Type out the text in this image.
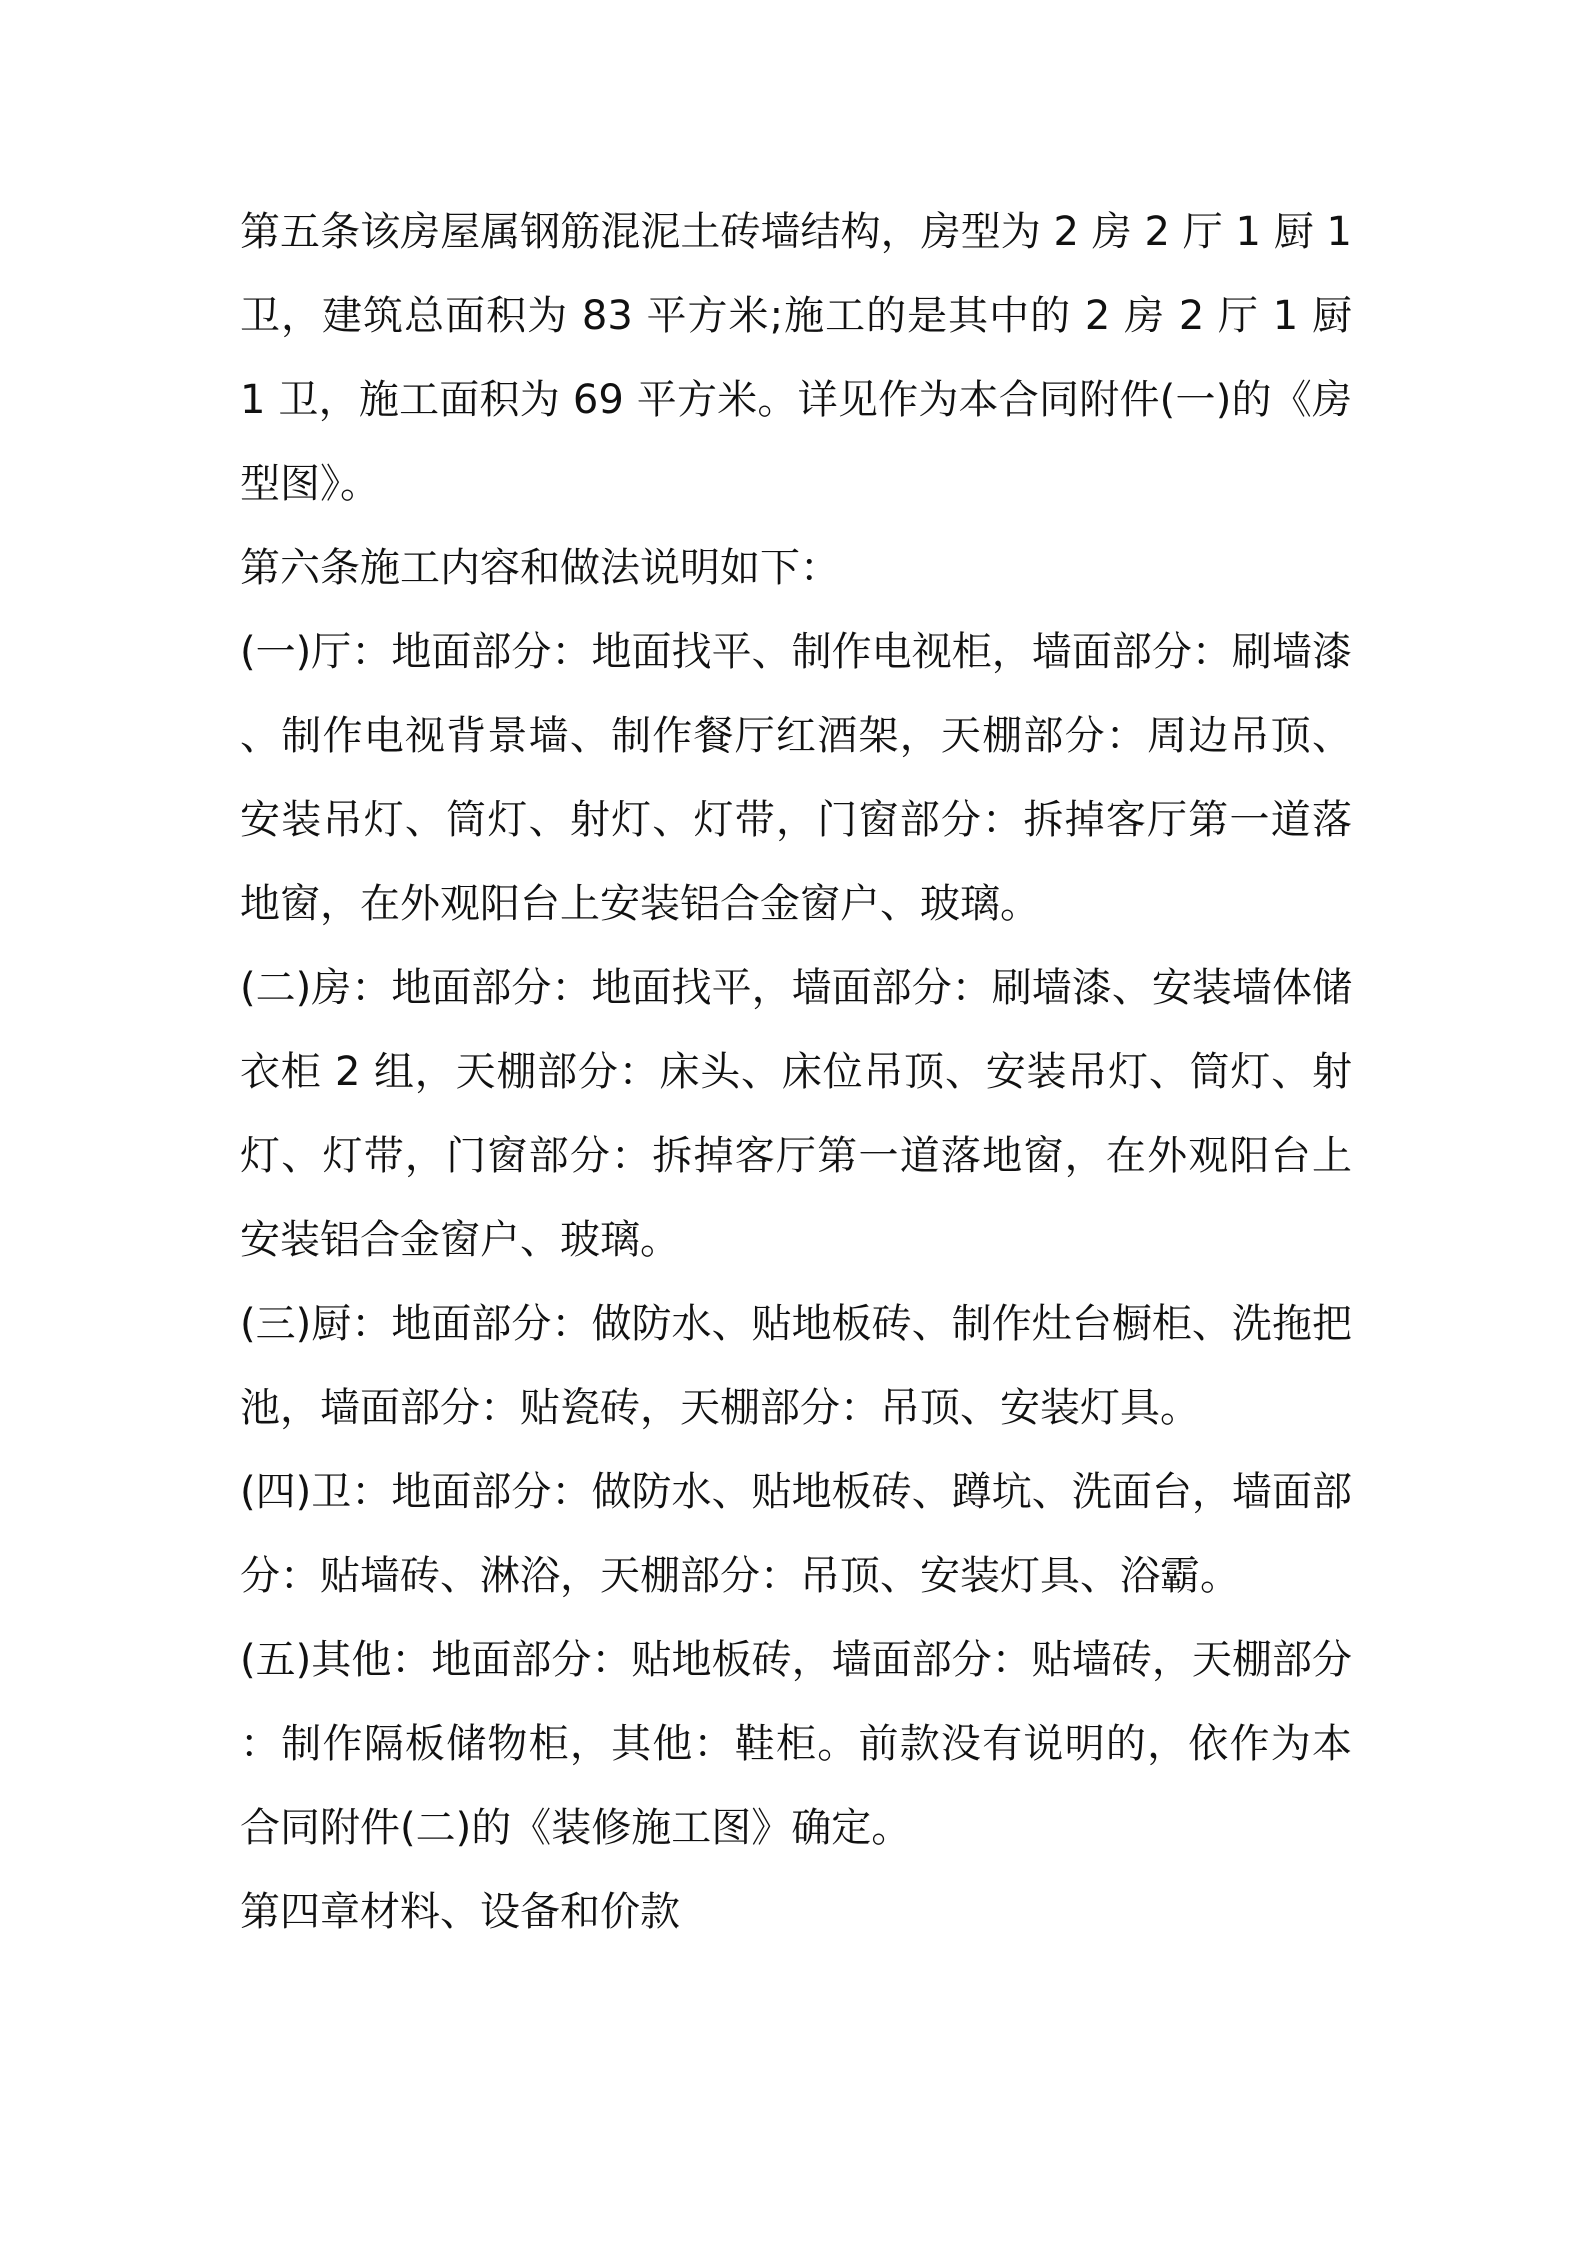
第五条该房屋属钢筋混泥土砖墙结构，房型为 2 房 2 厅 1 厨 1 卫，建筑总面积为 83 平方米;施工的是其中的 2 房 2 厅 1 厨 1 卫，施工面积为 69 平方米。详见作为本合同附件(一)的《房型图》。

第六条施工内容和做法说明如下：

(一)厅：地面部分：地面找平、制作电视柜，墙面部分：刷墙漆、制作电视背景墙、制作餐厅红酒架，天棚部分：周边吊顶、安装吊灯、筒灯、射灯、灯带，门窗部分：拆掉客厅第一道落地窗，在外观阳台上安装铝合金窗户、玻璃。

(二)房：地面部分：地面找平，墙面部分：刷墙漆、安装墙体储衣柜 2 组，天棚部分：床头、床位吊顶、安装吊灯、筒灯、射灯、灯带，门窗部分：拆掉客厅第一道落地窗，在外观阳台上安装铝合金窗户、玻璃。

(三)厨：地面部分：做防水、贴地板砖、制作灶台橱柜、洗拖把池，墙面部分：贴瓷砖，天棚部分：吊顶、安装灯具。

(四)卫：地面部分：做防水、贴地板砖、蹲坑、洗面台，墙面部分：贴墙砖、淋浴，天棚部分：吊顶、安装灯具、浴霸。

(五)其他：地面部分：贴地板砖，墙面部分：贴墙砖，天棚部分：制作隔板储物柜，其他：鞋柜。前款没有说明的，依作为本合同附件(二)的《装修施工图》确定。

第四章材料、设备和价款
